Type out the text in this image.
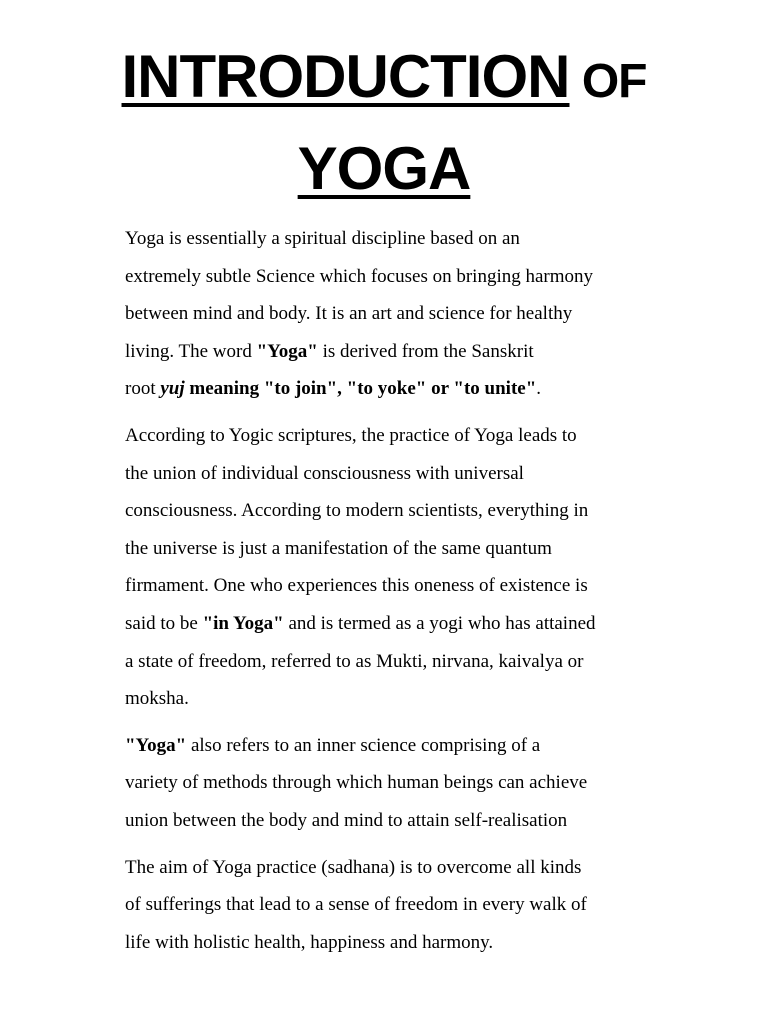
INTRODUCTION OF
YOGA

Yoga is essentially a spiritual discipline based on an
extremely subtle Science which focuses on bringing harmony
between mind and body. It is an art and science for healthy
living. The word "Yoga" is derived from the Sanskrit
root yuj meaning "to join", "to yoke" or "to unite".

According to Yogic scriptures, the practice of Yoga leads to
the union of individual consciousness with universal
consciousness. According to modern scientists, everything in
the universe is just a manifestation of the same quantum
firmament. One who experiences this oneness of existence is
said to be "in Yoga" and is termed as a yogi who has attained
a state of freedom, referred to as Mukti, nirvana, kaivalya or
moksha.

"Yoga" also refers to an inner science comprising of a
variety of methods through which human beings can achieve
union between the body and mind to attain self-realisation

The aim of Yoga practice (sadhana) is to overcome all kinds
of sufferings that lead to a sense of freedom in every walk of
life with holistic health, happiness and harmony.
